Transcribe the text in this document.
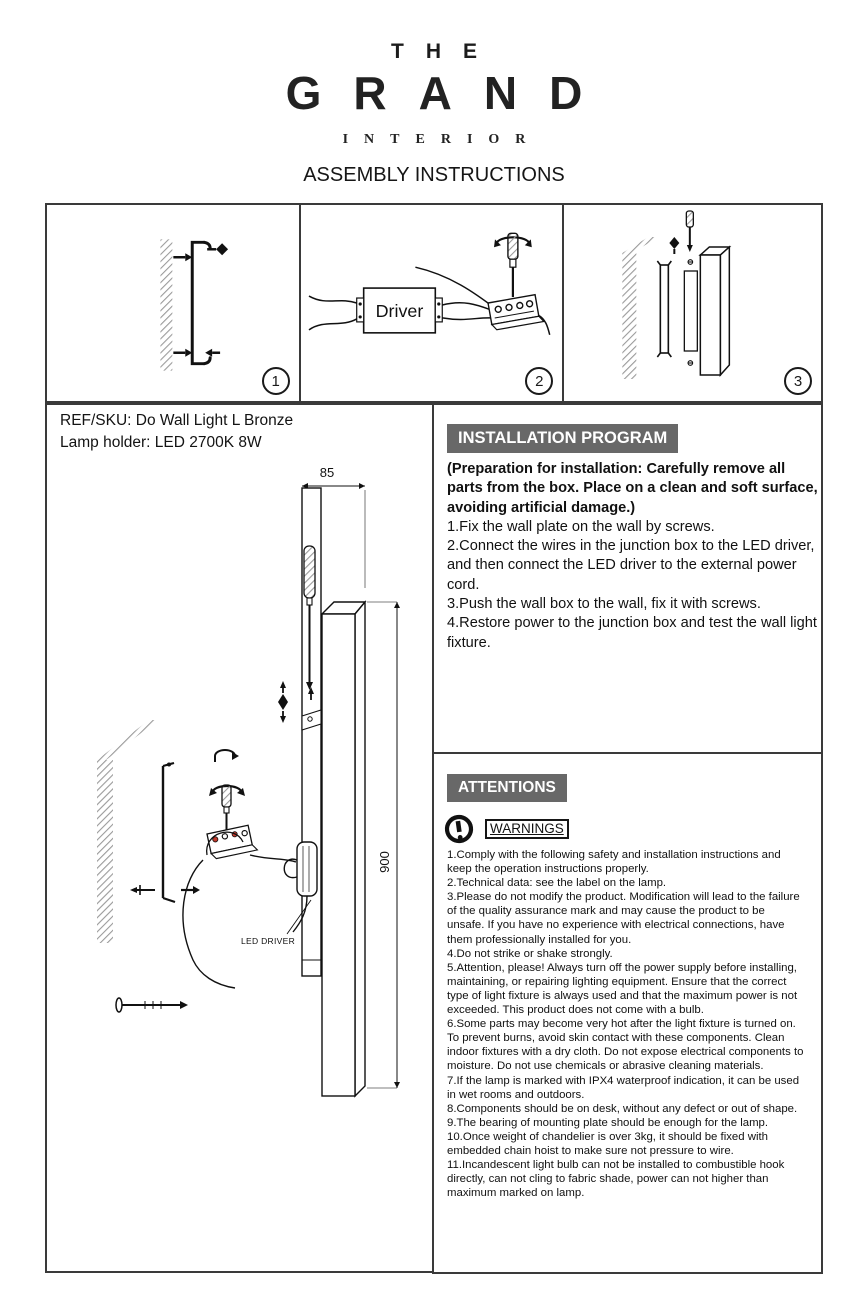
THE
GRAND
INTERIOR
ASSEMBLY INSTRUCTIONS
1
Driver
2	3
REF/SKU: Do Wall Light L Bronze
Lamp holder: LED 2700K 8W
85
900
LED DRIVER
INSTALLATION PROGRAM

(Preparation for installation: Carefully remove all parts from the box. Place on a clean and soft surface, avoiding artificial damage.)

1.Fix the wall plate on the wall by screws.
2.Connect the wires in the junction box to the LED driver, and then connect the LED driver to the external power cord.
3.Push the wall box to the wall, fix it with screws.
4.Restore power to the junction box and test the wall light fixture.
ATTENTIONS
WARNINGS
1.Comply with the following safety and installation instructions and keep the operation instructions properly.
2.Technical data: see the label on the lamp.
3.Please do not modify the product. Modification will lead to the failure of the quality assurance mark and may cause the product to be unsafe. If you have no experience with electrical connections, have them professionally installed for you.
4.Do not strike or shake strongly.
5.Attention, please! Always turn off the power supply before installing, maintaining, or repairing lighting equipment. Ensure that the correct type of light fixture is always used and that the maximum power is not exceeded. This product does not come with a bulb.
6.Some parts may become very hot after the light fixture is turned on. To prevent burns, avoid skin contact with these components. Clean indoor fixtures with a dry cloth. Do not expose electrical components to moisture. Do not use chemicals or abrasive cleaning materials.
7.If the lamp is marked with IPX4 waterproof indication, it can be used in wet rooms and outdoors.
8.Components should be on desk, without any defect or out of shape.
9.The bearing of mounting plate should be enough for the lamp.
10.Once weight of chandelier is over 3kg, it should be fixed with embedded chain hoist to make sure not pressure to wire.
11.Incandescent light bulb can not be installed to combustible hook directly, can not cling to fabric shade, power can not higher than maximum marked on lamp.
